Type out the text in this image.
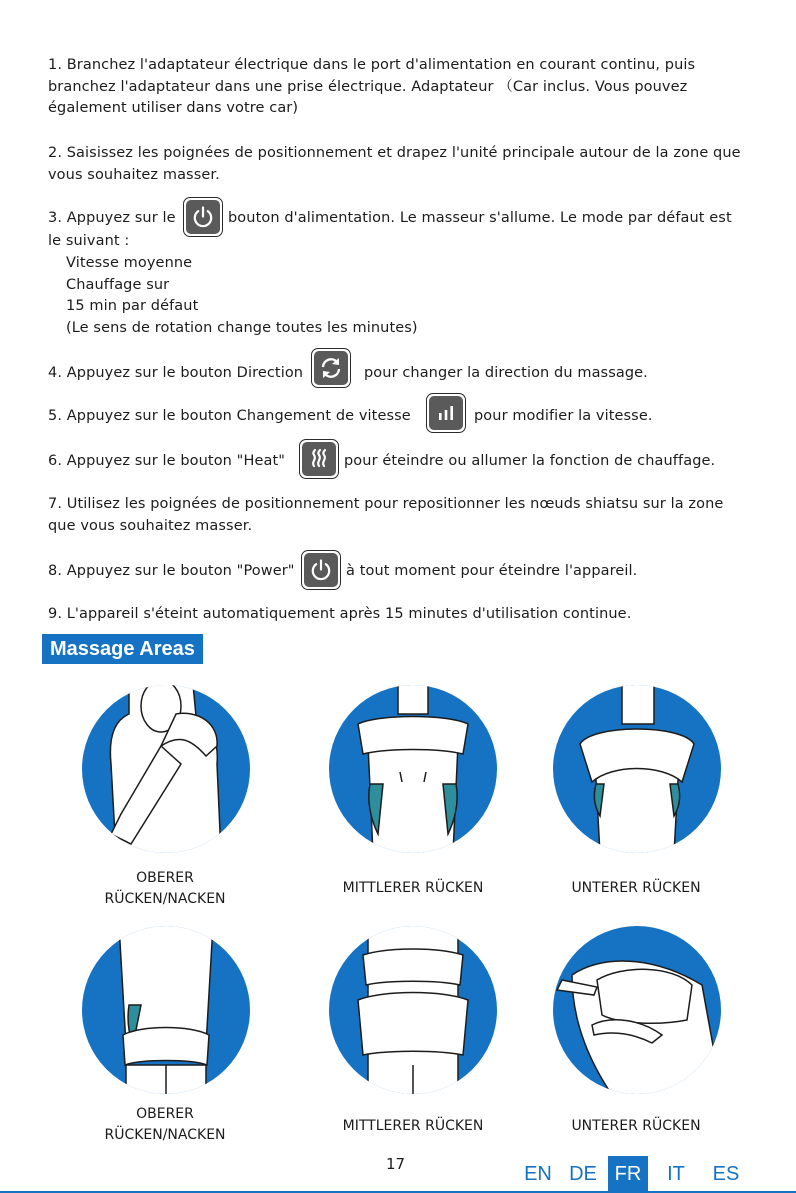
1. Branchez l'adaptateur électrique dans le port d'alimentation en courant continu, puis
branchez l'adaptateur dans une prise électrique. Adaptateur （Car inclus. Vous pouvez
également utiliser dans votre car)
2. Saisissez les poignées de positionnement et drapez l'unité principale autour de la zone que
vous souhaitez masser.
3. Appuyez sur le	bouton d'alimentation. Le masseur s'allume. Le mode par défaut est
le suivant :
Vitesse moyenne
Chauffage sur
15 min par défaut
(Le sens de rotation change toutes les minutes)
4. Appuyez sur le bouton Direction	pour changer la direction du massage.
5. Appuyez sur le bouton Changement de vitesse	pour modifier la vitesse.
6. Appuyez sur le bouton "Heat"	pour éteindre ou allumer la fonction de chauffage.
7. Utilisez les poignées de positionnement pour repositionner les nœuds shiatsu sur la zone
que vous souhaitez masser.
8. Appuyez sur le bouton "Power"	à tout moment pour éteindre l'appareil.
9. L'appareil s'éteint automatiquement après 15 minutes d'utilisation continue.
Massage Areas
OBERER
RÜCKEN/NACKEN
MITTLERER RÜCKEN	UNTERER RÜCKEN
OBERER
RÜCKEN/NACKEN
MITTLERER RÜCKEN	UNTERER RÜCKEN
17	EN DE FR	IT	ES
